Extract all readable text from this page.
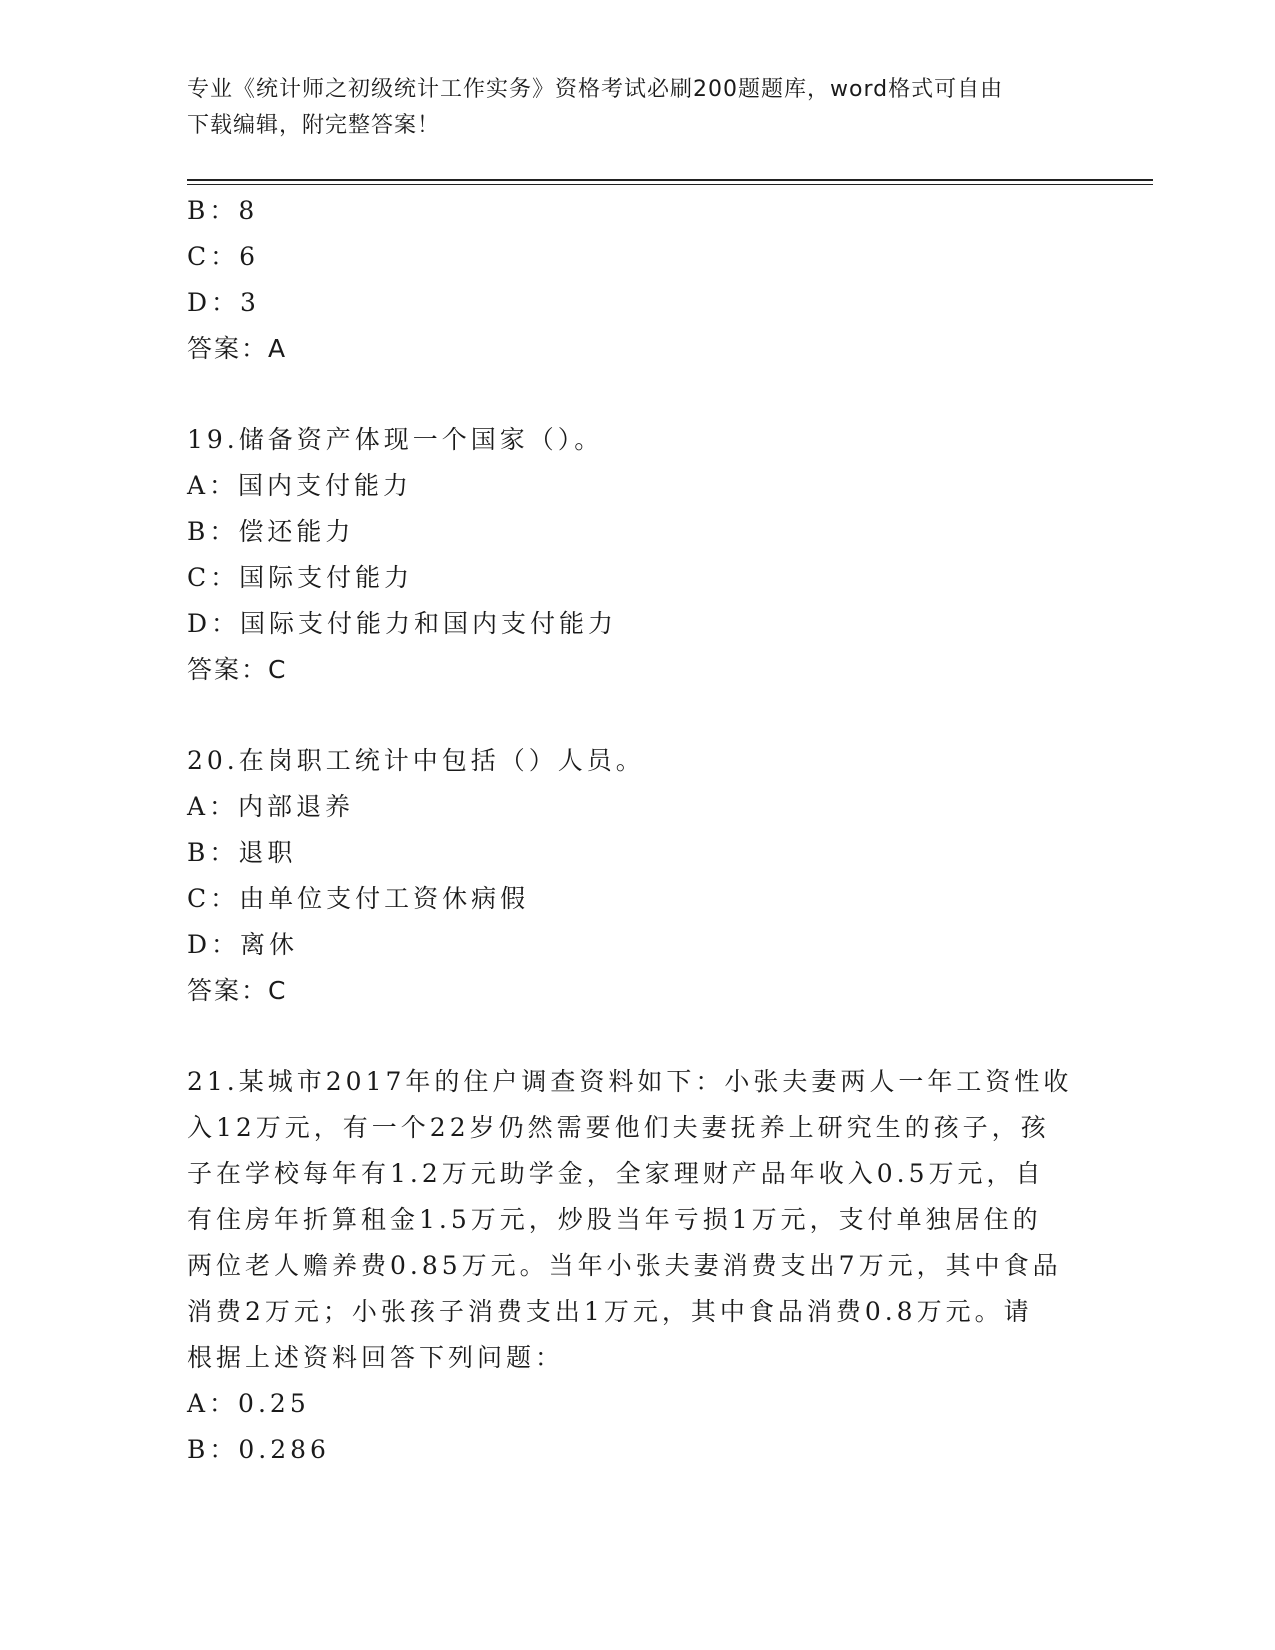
专业《统计师之初级统计工作实务》资格考试必刷200题题库，word格式可自由
下载编辑，附完整答案！
B：8
C：6
D：3
答案：A
19.储备资产体现一个国家（）。
A：国内支付能力
B：偿还能力
C：国际支付能力
D：国际支付能力和国内支付能力
答案：C
20.在岗职工统计中包括（）人员。
A：内部退养
B：退职
C：由单位支付工资休病假
D：离休
答案：C
21.某城市2017年的住户调查资料如下：小张夫妻两人一年工资性收
入12万元，有一个22岁仍然需要他们夫妻抚养上研究生的孩子，孩
子在学校每年有1.2万元助学金，全家理财产品年收入0.5万元，自
有住房年折算租金1.5万元，炒股当年亏损1万元，支付单独居住的
两位老人赡养费0.85万元。当年小张夫妻消费支出7万元，其中食品
消费2万元；小张孩子消费支出1万元，其中食品消费0.8万元。请
根据上述资料回答下列问题：
A：0.25
B：0.286
